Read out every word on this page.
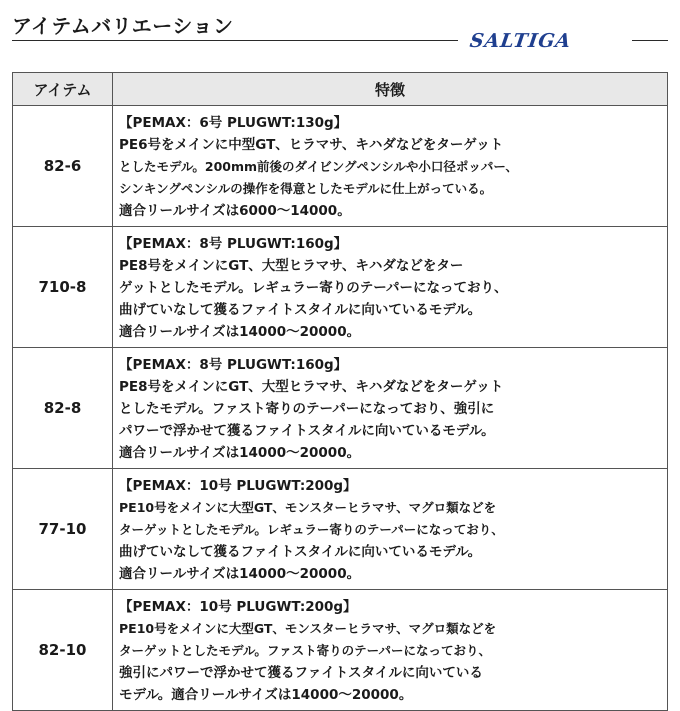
アイテムバリエーション
SALTIGA
アイテム	特徴
82-6	【PEMAX：6号 PLUGWT:130g】
PE6号をメインに中型GT、ヒラマサ、キハダなどをターゲット
としたモデル。200mm前後のダイビングペンシルや小口径ポッパー、
シンキングペンシルの操作を得意としたモデルに仕上がっている。
適合リールサイズは6000～14000。

710-8	【PEMAX：8号 PLUGWT:160g】
PE8号をメインにGT、大型ヒラマサ、キハダなどをター
ゲットとしたモデル。レギュラー寄りのテーパーになっており、
曲げていなして獲るファイトスタイルに向いているモデル。
適合リールサイズは14000～20000。

82-8	【PEMAX：8号 PLUGWT:160g】
PE8号をメインにGT、大型ヒラマサ、キハダなどをターゲット
としたモデル。ファスト寄りのテーパーになっており、強引に
パワーで浮かせて獲るファイトスタイルに向いているモデル。
適合リールサイズは14000～20000。

77-10	【PEMAX：10号 PLUGWT:200g】
PE10号をメインに大型GT、モンスターヒラマサ、マグロ類などを
ターゲットとしたモデル。レギュラー寄りのテーパーになっており、
曲げていなして獲るファイトスタイルに向いているモデル。
適合リールサイズは14000～20000。

82-10	【PEMAX：10号 PLUGWT:200g】
PE10号をメインに大型GT、モンスターヒラマサ、マグロ類などを
ターゲットとしたモデル。ファスト寄りのテーパーになっており、
強引にパワーで浮かせて獲るファイトスタイルに向いている
モデル。適合リールサイズは14000～20000。
